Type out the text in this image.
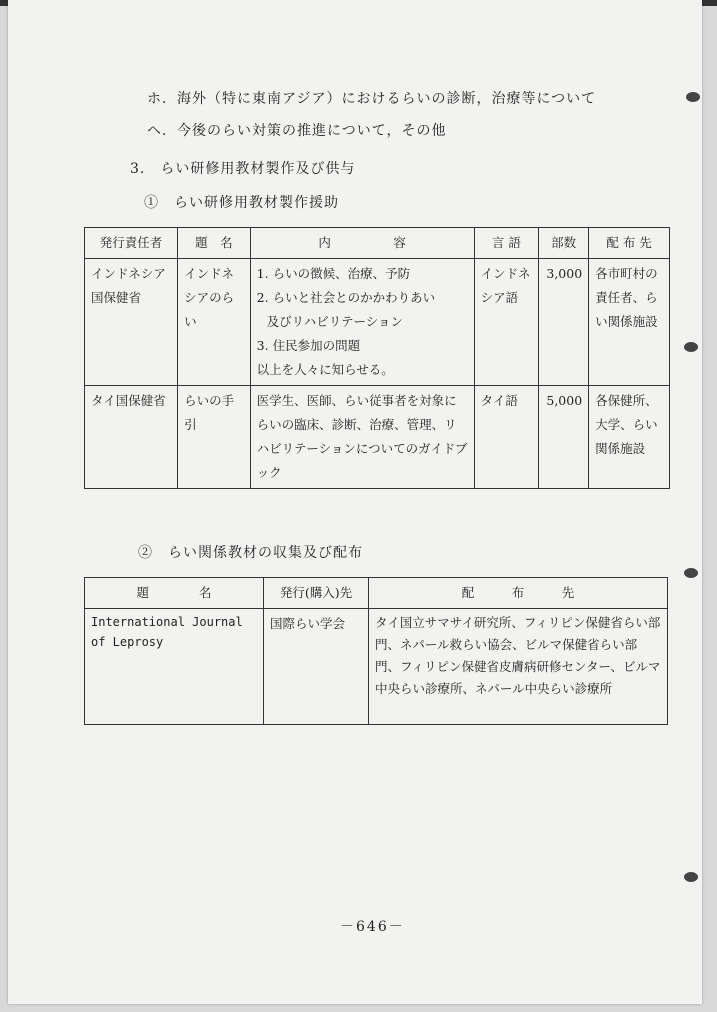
ホ．海外（特に東南アジア）におけるらいの診断，治療等について
ヘ．今後のらい対策の推進について，その他
3.　らい研修用教材製作及び供与
①　らい研修用教材製作援助
発行責任者	題　名	内　　　　　容	言 語	部数	配 布 先
インドネシア国保健省	インドネシアのらい	1. らいの徴候、治療、予防
2. らいと社会とのかかわりあい
及びリハビリテーション
3. 住民参加の問題
以上を人々に知らせる。	インドネシア語	3,000	各市町村の責任者、らい関係施設
タイ国保健省	らいの手引	医学生、医師、らい従事者を対象にらいの臨床、診断、治療、管理、リハビリテーションについてのガイドブック	タイ語	5,000	各保健所、大学、らい関係施設
②　らい関係教材の収集及び配布
題　　　　名	発行(購入)先	配　　　布　　　先
International Journal of Leprosy	国際らい学会	タイ国立サマサイ研究所、フィリピン保健省らい部門、ネパール救らい協会、ビルマ保健省らい部門、フィリピン保健省皮膚病研修センター、ビルマ中央らい診療所、ネパール中央らい診療所
－646－
